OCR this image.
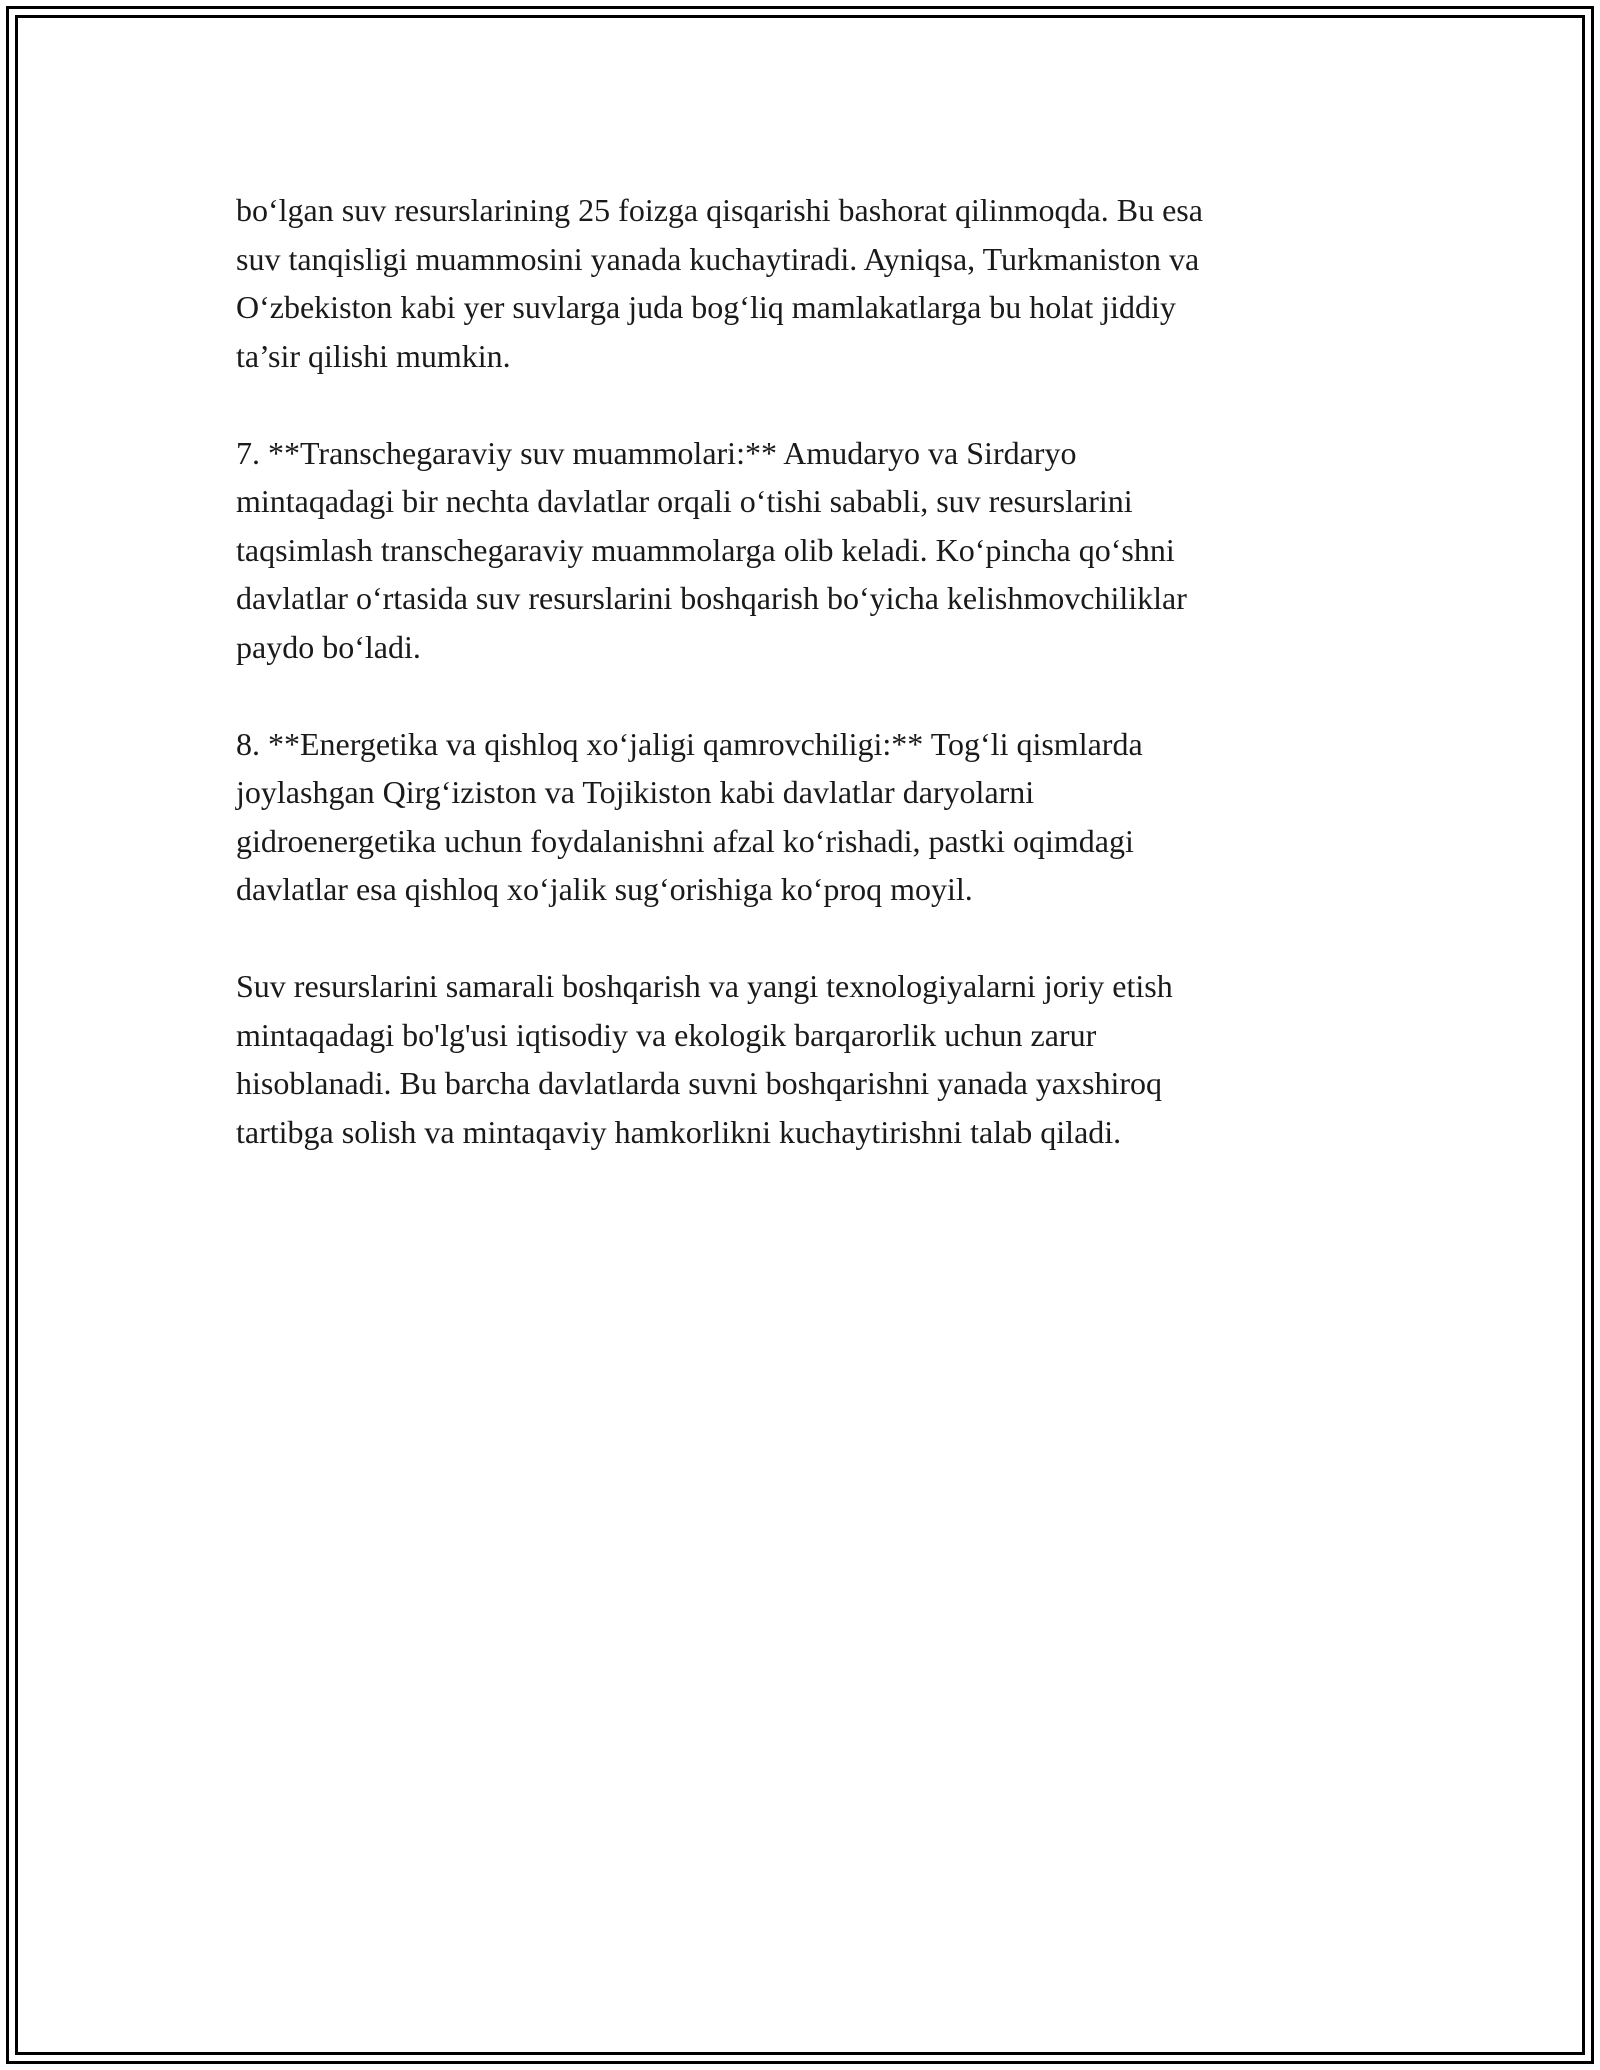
bo‘lgan suv resurslarining 25 foizga qisqarishi bashorat qilinmoqda. Bu esa
suv tanqisligi muammosini yanada kuchaytiradi. Ayniqsa, Turkmaniston va
O‘zbekiston kabi yer suvlarga juda bog‘liq mamlakatlarga bu holat jiddiy
ta’sir qilishi mumkin.

7. **Transchegaraviy suv muammolari:** Amudaryo va Sirdaryo
mintaqadagi bir nechta davlatlar orqali o‘tishi sababli, suv resurslarini
taqsimlash transchegaraviy muammolarga olib keladi. Ko‘pincha qo‘shni
davlatlar o‘rtasida suv resurslarini boshqarish bo‘yicha kelishmovchiliklar
paydo bo‘ladi.

8. **Energetika va qishloq xo‘jaligi qamrovchiligi:** Tog‘li qismlarda
joylashgan Qirg‘iziston va Tojikiston kabi davlatlar daryolarni
gidroenergetika uchun foydalanishni afzal ko‘rishadi, pastki oqimdagi
davlatlar esa qishloq xo‘jalik sug‘orishiga ko‘proq moyil.

Suv resurslarini samarali boshqarish va yangi texnologiyalarni joriy etish
mintaqadagi bo'lg'usi iqtisodiy va ekologik barqarorlik uchun zarur
hisoblanadi. Bu barcha davlatlarda suvni boshqarishni yanada yaxshiroq
tartibga solish va mintaqaviy hamkorlikni kuchaytirishni talab qiladi.
